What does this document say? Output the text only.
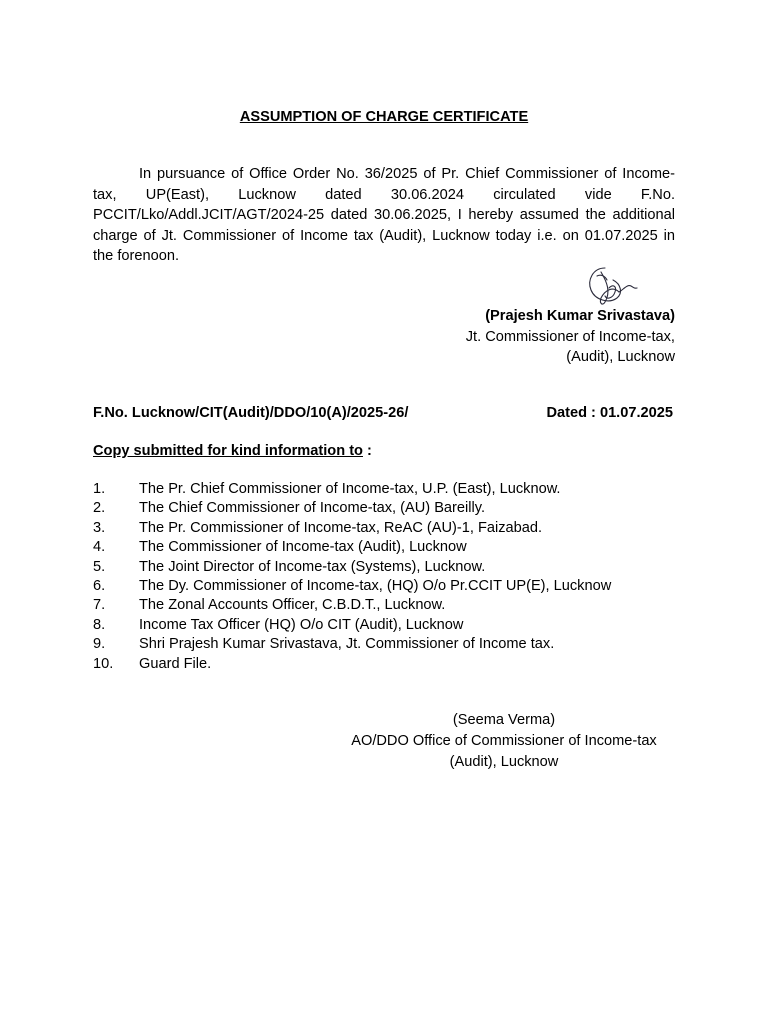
ASSUMPTION OF CHARGE CERTIFICATE

In pursuance of Office Order No. 36/2025 of Pr. Chief Commissioner of Income-tax, UP(East), Lucknow dated 30.06.2024 circulated vide F.No. PCCIT/Lko/Addl.JCIT/AGT/2024-25 dated 30.06.2025, I hereby assumed the additional charge of Jt. Commissioner of Income tax (Audit), Lucknow today i.e. on 01.07.2025 in the forenoon.

(Prajesh Kumar Srivastava)
Jt. Commissioner of Income-tax,
(Audit), Lucknow
F.No. Lucknow/CIT(Audit)/DDO/10(A)/2025-26/	Dated : 01.07.2025
Copy submitted for kind information to :
1. The Pr. Chief Commissioner of Income-tax, U.P. (East), Lucknow.
2. The Chief Commissioner of Income-tax, (AU) Bareilly.
3. The Pr. Commissioner of Income-tax, ReAC (AU)-1, Faizabad.
4. The Commissioner of Income-tax (Audit), Lucknow
5. The Joint Director of Income-tax (Systems), Lucknow.
6. The Dy. Commissioner of Income-tax, (HQ) O/o Pr.CCIT UP(E), Lucknow
7. The Zonal Accounts Officer, C.B.D.T., Lucknow.
8. Income Tax Officer (HQ) O/o CIT (Audit), Lucknow
9. Shri Prajesh Kumar Srivastava, Jt. Commissioner of Income tax.
10. Guard File.
(Seema Verma)
AO/DDO Office of Commissioner of Income-tax
(Audit), Lucknow
